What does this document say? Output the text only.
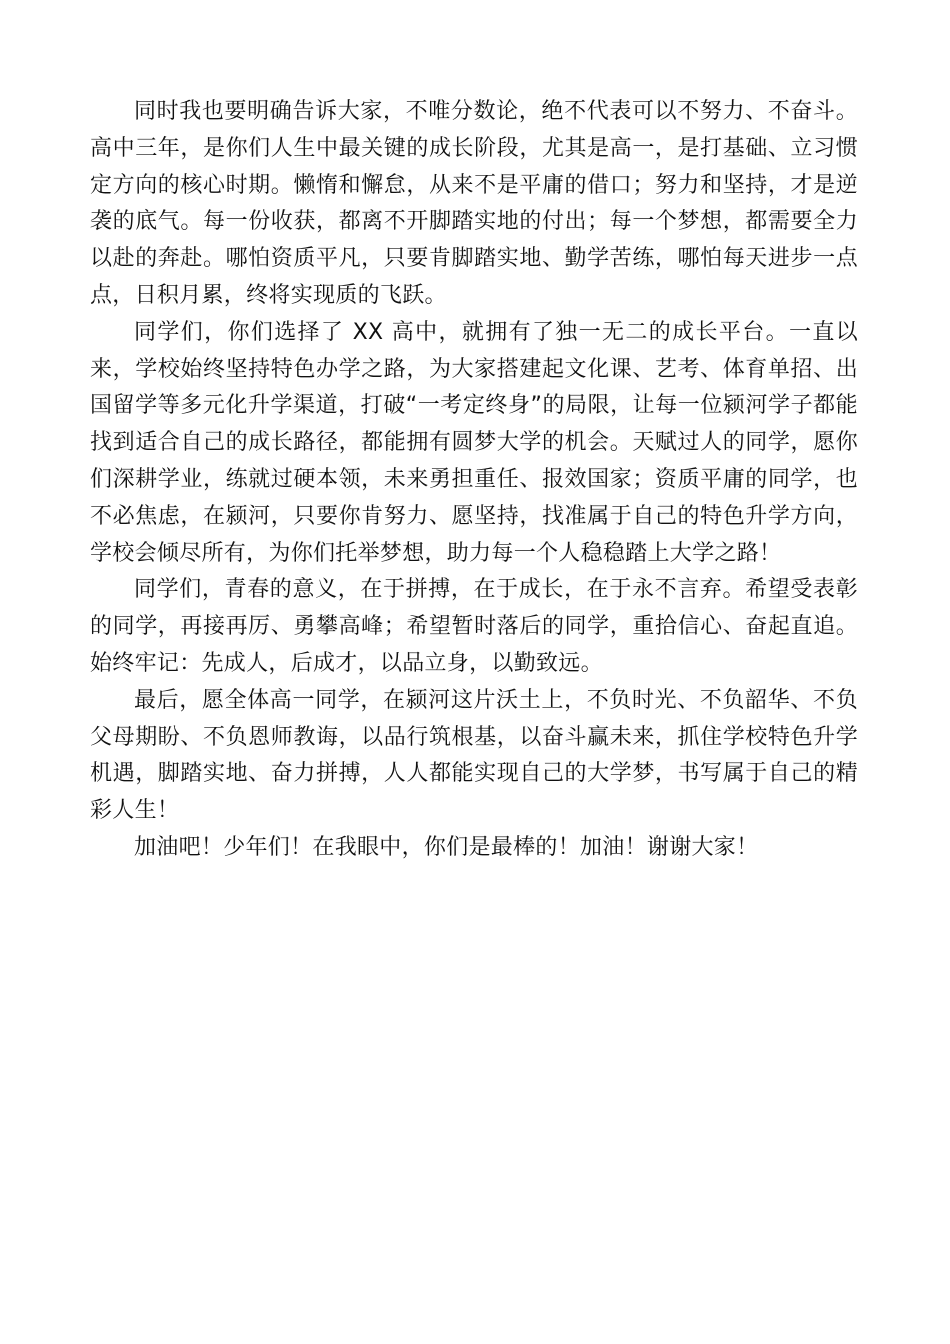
同时我也要明确告诉大家，不唯分数论，绝不代表可以不努力、不奋斗。高中三年，是你们人生中最关键的成长阶段，尤其是高一，是打基础、立习惯定方向的核心时期。懒惰和懈怠，从来不是平庸的借口；努力和坚持，才是逆袭的底气。每一份收获，都离不开脚踏实地的付出；每一个梦想，都需要全力以赴的奔赴。哪怕资质平凡，只要肯脚踏实地、勤学苦练，哪怕每天进步一点点，日积月累，终将实现质的飞跃。

同学们，你们选择了 XX 高中，就拥有了独一无二的成长平台。一直以来，学校始终坚持特色办学之路，为大家搭建起文化课、艺考、体育单招、出国留学等多元化升学渠道，打破“一考定终身”的局限，让每一位颍河学子都能找到适合自己的成长路径，都能拥有圆梦大学的机会。天赋过人的同学，愿你们深耕学业，练就过硬本领，未来勇担重任、报效国家；资质平庸的同学，也不必焦虑，在颍河，只要你肯努力、愿坚持，找准属于自己的特色升学方向，学校会倾尽所有，为你们托举梦想，助力每一个人稳稳踏上大学之路！

同学们，青春的意义，在于拼搏，在于成长，在于永不言弃。希望受表彰的同学，再接再厉、勇攀高峰；希望暂时落后的同学，重拾信心、奋起直追。始终牢记：先成人，后成才，以品立身，以勤致远。

最后，愿全体高一同学，在颍河这片沃土上，不负时光、不负韶华、不负父母期盼、不负恩师教诲，以品行筑根基，以奋斗赢未来，抓住学校特色升学机遇，脚踏实地、奋力拼搏，人人都能实现自己的大学梦，书写属于自己的精彩人生！

加油吧！少年们！在我眼中，你们是最棒的！加油！谢谢大家！
